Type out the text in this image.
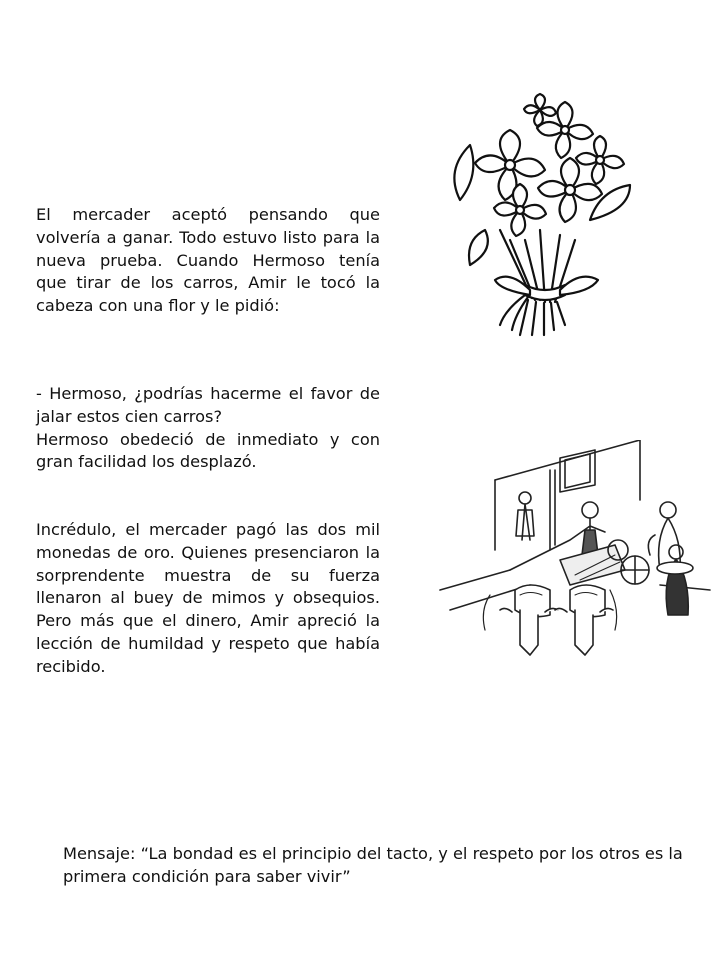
El mercader aceptó pensando que volvería a ganar. Todo estuvo listo para la nueva prueba. Cuando Hermoso tenía que tirar de los carros, Amir le tocó la cabeza con una flor y le pidió:
- Hermoso, ¿podrías hacerme el favor de jalar estos cien carros?
Hermoso obedeció de inmediato y con gran facilidad los desplazó.
Incrédulo, el mercader pagó las dos mil monedas de oro. Quienes presenciaron la sorprendente muestra de su fuerza llenaron al buey de mimos y obsequios. Pero más que el dinero, Amir apreció la lección de humildad y respeto que había recibido.

Mensaje: “La bondad es el principio del tacto, y el respeto por los otros es la primera condición para saber vivir”
